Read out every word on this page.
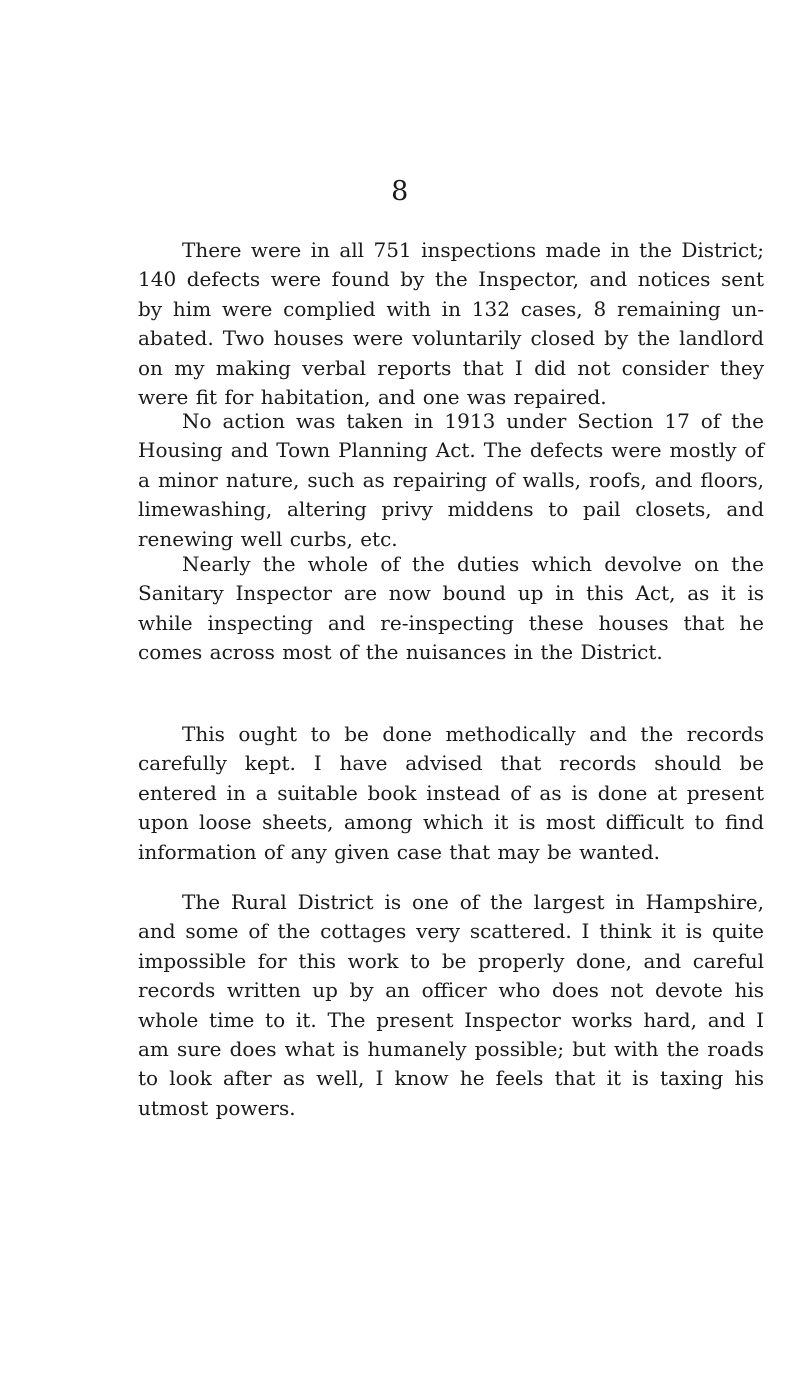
8

There were in all 751 inspections made in the District; 140 defects were found by the Inspector, and notices sent by him were complied with in 132 cases, 8 remaining unabated. Two houses were voluntarily closed by the landlord on my making verbal reports that I did not consider they were fit for habitation, and one was repaired.

No action was taken in 1913 under Section 17 of the Housing and Town Planning Act. The defects were mostly of a minor nature, such as repairing of walls, roofs, and floors, limewashing, altering privy middens to pail closets, and renewing well curbs, etc.

Nearly the whole of the duties which devolve on the Sanitary Inspector are now bound up in this Act, as it is while inspecting and re-inspecting these houses that he comes across most of the nuisances in the District.

This ought to be done methodically and the records carefully kept. I have advised that records should be entered in a suitable book instead of as is done at present upon loose sheets, among which it is most difficult to find information of any given case that may be wanted.

The Rural District is one of the largest in Hampshire, and some of the cottages very scattered. I think it is quite impossible for this work to be properly done, and careful records written up by an officer who does not devote his whole time to it. The present Inspector works hard, and I am sure does what is humanely possible; but with the roads to look after as well, I know he feels that it is taxing his utmost powers.
